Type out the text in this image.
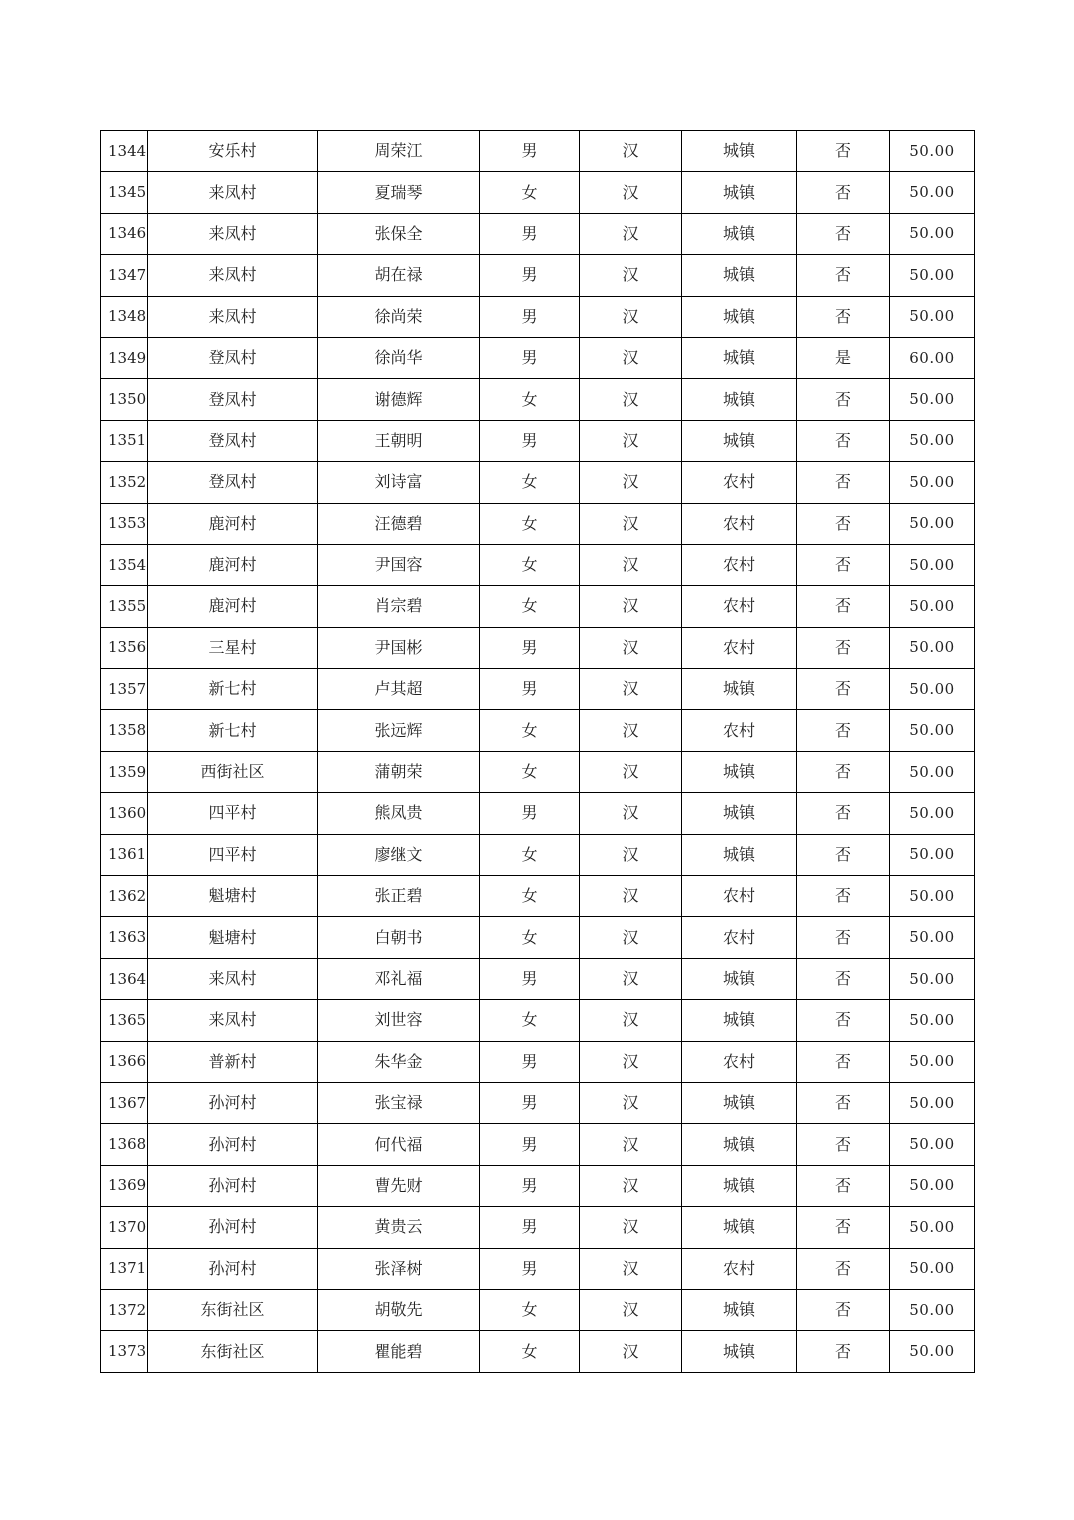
1344	安乐村	周荣江	男	汉	城镇	否	50.00
1345	来凤村	夏瑞琴	女	汉	城镇	否	50.00
1346	来凤村	张保全	男	汉	城镇	否	50.00
1347	来凤村	胡在禄	男	汉	城镇	否	50.00
1348	来凤村	徐尚荣	男	汉	城镇	否	50.00
1349	登凤村	徐尚华	男	汉	城镇	是	60.00
1350	登凤村	谢德辉	女	汉	城镇	否	50.00
1351	登凤村	王朝明	男	汉	城镇	否	50.00
1352	登凤村	刘诗富	女	汉	农村	否	50.00
1353	鹿河村	汪德碧	女	汉	农村	否	50.00
1354	鹿河村	尹国容	女	汉	农村	否	50.00
1355	鹿河村	肖宗碧	女	汉	农村	否	50.00
1356	三星村	尹国彬	男	汉	农村	否	50.00
1357	新七村	卢其超	男	汉	城镇	否	50.00
1358	新七村	张远辉	女	汉	农村	否	50.00
1359	西街社区	蒲朝荣	女	汉	城镇	否	50.00
1360	四平村	熊凤贵	男	汉	城镇	否	50.00
1361	四平村	廖继文	女	汉	城镇	否	50.00
1362	魁塘村	张正碧	女	汉	农村	否	50.00
1363	魁塘村	白朝书	女	汉	农村	否	50.00
1364	来凤村	邓礼福	男	汉	城镇	否	50.00
1365	来凤村	刘世容	女	汉	城镇	否	50.00
1366	普新村	朱华金	男	汉	农村	否	50.00
1367	孙河村	张宝禄	男	汉	城镇	否	50.00
1368	孙河村	何代福	男	汉	城镇	否	50.00
1369	孙河村	曹先财	男	汉	城镇	否	50.00
1370	孙河村	黄贵云	男	汉	城镇	否	50.00
1371	孙河村	张泽树	男	汉	农村	否	50.00
1372	东街社区	胡敬先	女	汉	城镇	否	50.00
1373	东街社区	瞿能碧	女	汉	城镇	否	50.00
